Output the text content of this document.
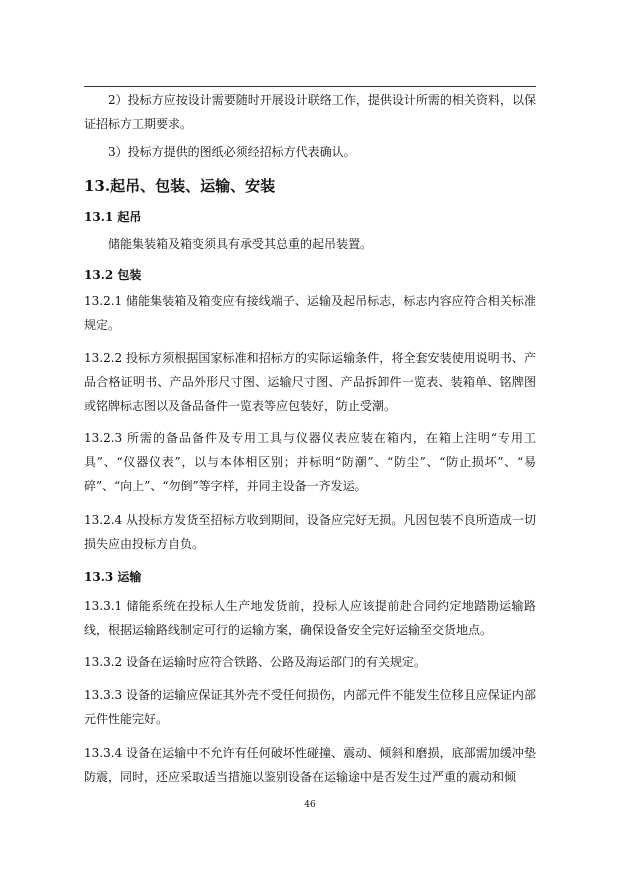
2）投标方应按设计需要随时开展设计联络工作，提供设计所需的相关资料，以保证招标方工期要求。

3）投标方提供的图纸必须经招标方代表确认。

13.起吊、包装、运输、安装
13.1 起吊

储能集装箱及箱变须具有承受其总重的起吊装置。

13.2 包装

13.2.1 储能集装箱及箱变应有接线端子、运输及起吊标志，标志内容应符合相关标准规定。

13.2.2 投标方须根据国家标准和招标方的实际运输条件，将全套安装使用说明书、产品合格证明书、产品外形尺寸图、运输尺寸图、产品拆卸件一览表、装箱单、铭牌图或铭牌标志图以及备品备件一览表等应包装好，防止受潮。

13.2.3 所需的备品备件及专用工具与仪器仪表应装在箱内，在箱上注明“专用工具”、“仪器仪表”，以与本体相区别；并标明“防潮”、“防尘”、“防止损坏”、“易碎”、“向上”、“勿倒”等字样，并同主设备一齐发运。

13.2.4 从投标方发货至招标方收到期间，设备应完好无损。凡因包装不良所造成一切损失应由投标方自负。

13.3 运输

13.3.1 储能系统在投标人生产地发货前，投标人应该提前赴合同约定地踏勘运输路线，根据运输路线制定可行的运输方案，确保设备安全完好运输至交货地点。

13.3.2 设备在运输时应符合铁路、公路及海运部门的有关规定。

13.3.3 设备的运输应保证其外壳不受任何损伤，内部元件不能发生位移且应保证内部元件性能完好。

13.3.4 设备在运输中不允许有任何破坏性碰撞、震动、倾斜和磨损，底部需加缓冲垫防震，同时，还应采取适当措施以鉴别设备在运输途中是否发生过严重的震动和倾

46
